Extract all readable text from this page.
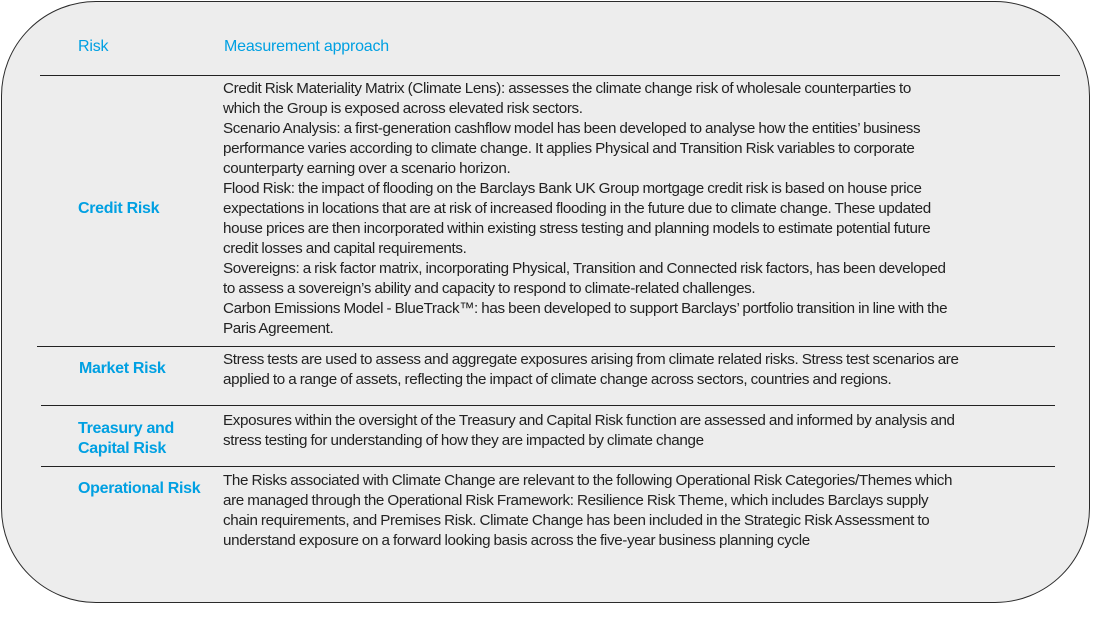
Risk	Measurement approach
Credit Risk

Credit Risk Materiality Matrix (Climate Lens): assesses the climate change risk of wholesale counterparties to

which the Group is exposed across elevated risk sectors.

Scenario Analysis: a first-generation cashflow model has been developed to analyse how the entities’ business

performance varies according to climate change. It applies Physical and Transition Risk variables to corporate

counterparty earning over a scenario horizon.

Flood Risk: the impact of flooding on the Barclays Bank UK Group mortgage credit risk is based on house price

expectations in locations that are at risk of increased flooding in the future due to climate change. These updated

house prices are then incorporated within existing stress testing and planning models to estimate potential future

credit losses and capital requirements.

Sovereigns: a risk factor matrix, incorporating Physical, Transition and Connected risk factors, has been developed

to assess a sovereign’s ability and capacity to respond to climate-related challenges.

Carbon Emissions Model - BlueTrack™: has been developed to support Barclays’ portfolio transition in line with the

Paris Agreement.

Market Risk

Stress tests are used to assess and aggregate exposures arising from climate related risks. Stress test scenarios are

applied to a range of assets, reflecting the impact of climate change across sectors, countries and regions.

Treasury and
Capital Risk

Exposures within the oversight of the Treasury and Capital Risk function are assessed and informed by analysis and

stress testing for understanding of how they are impacted by climate change

Operational Risk The Risks associated with Climate Change are relevant to the following Operational Risk Categories/Themes which

are managed through the Operational Risk Framework: Resilience Risk Theme, which includes Barclays supply

chain requirements, and Premises Risk. Climate Change has been included in the Strategic Risk Assessment to

understand exposure on a forward looking basis across the five-year business planning cycle
